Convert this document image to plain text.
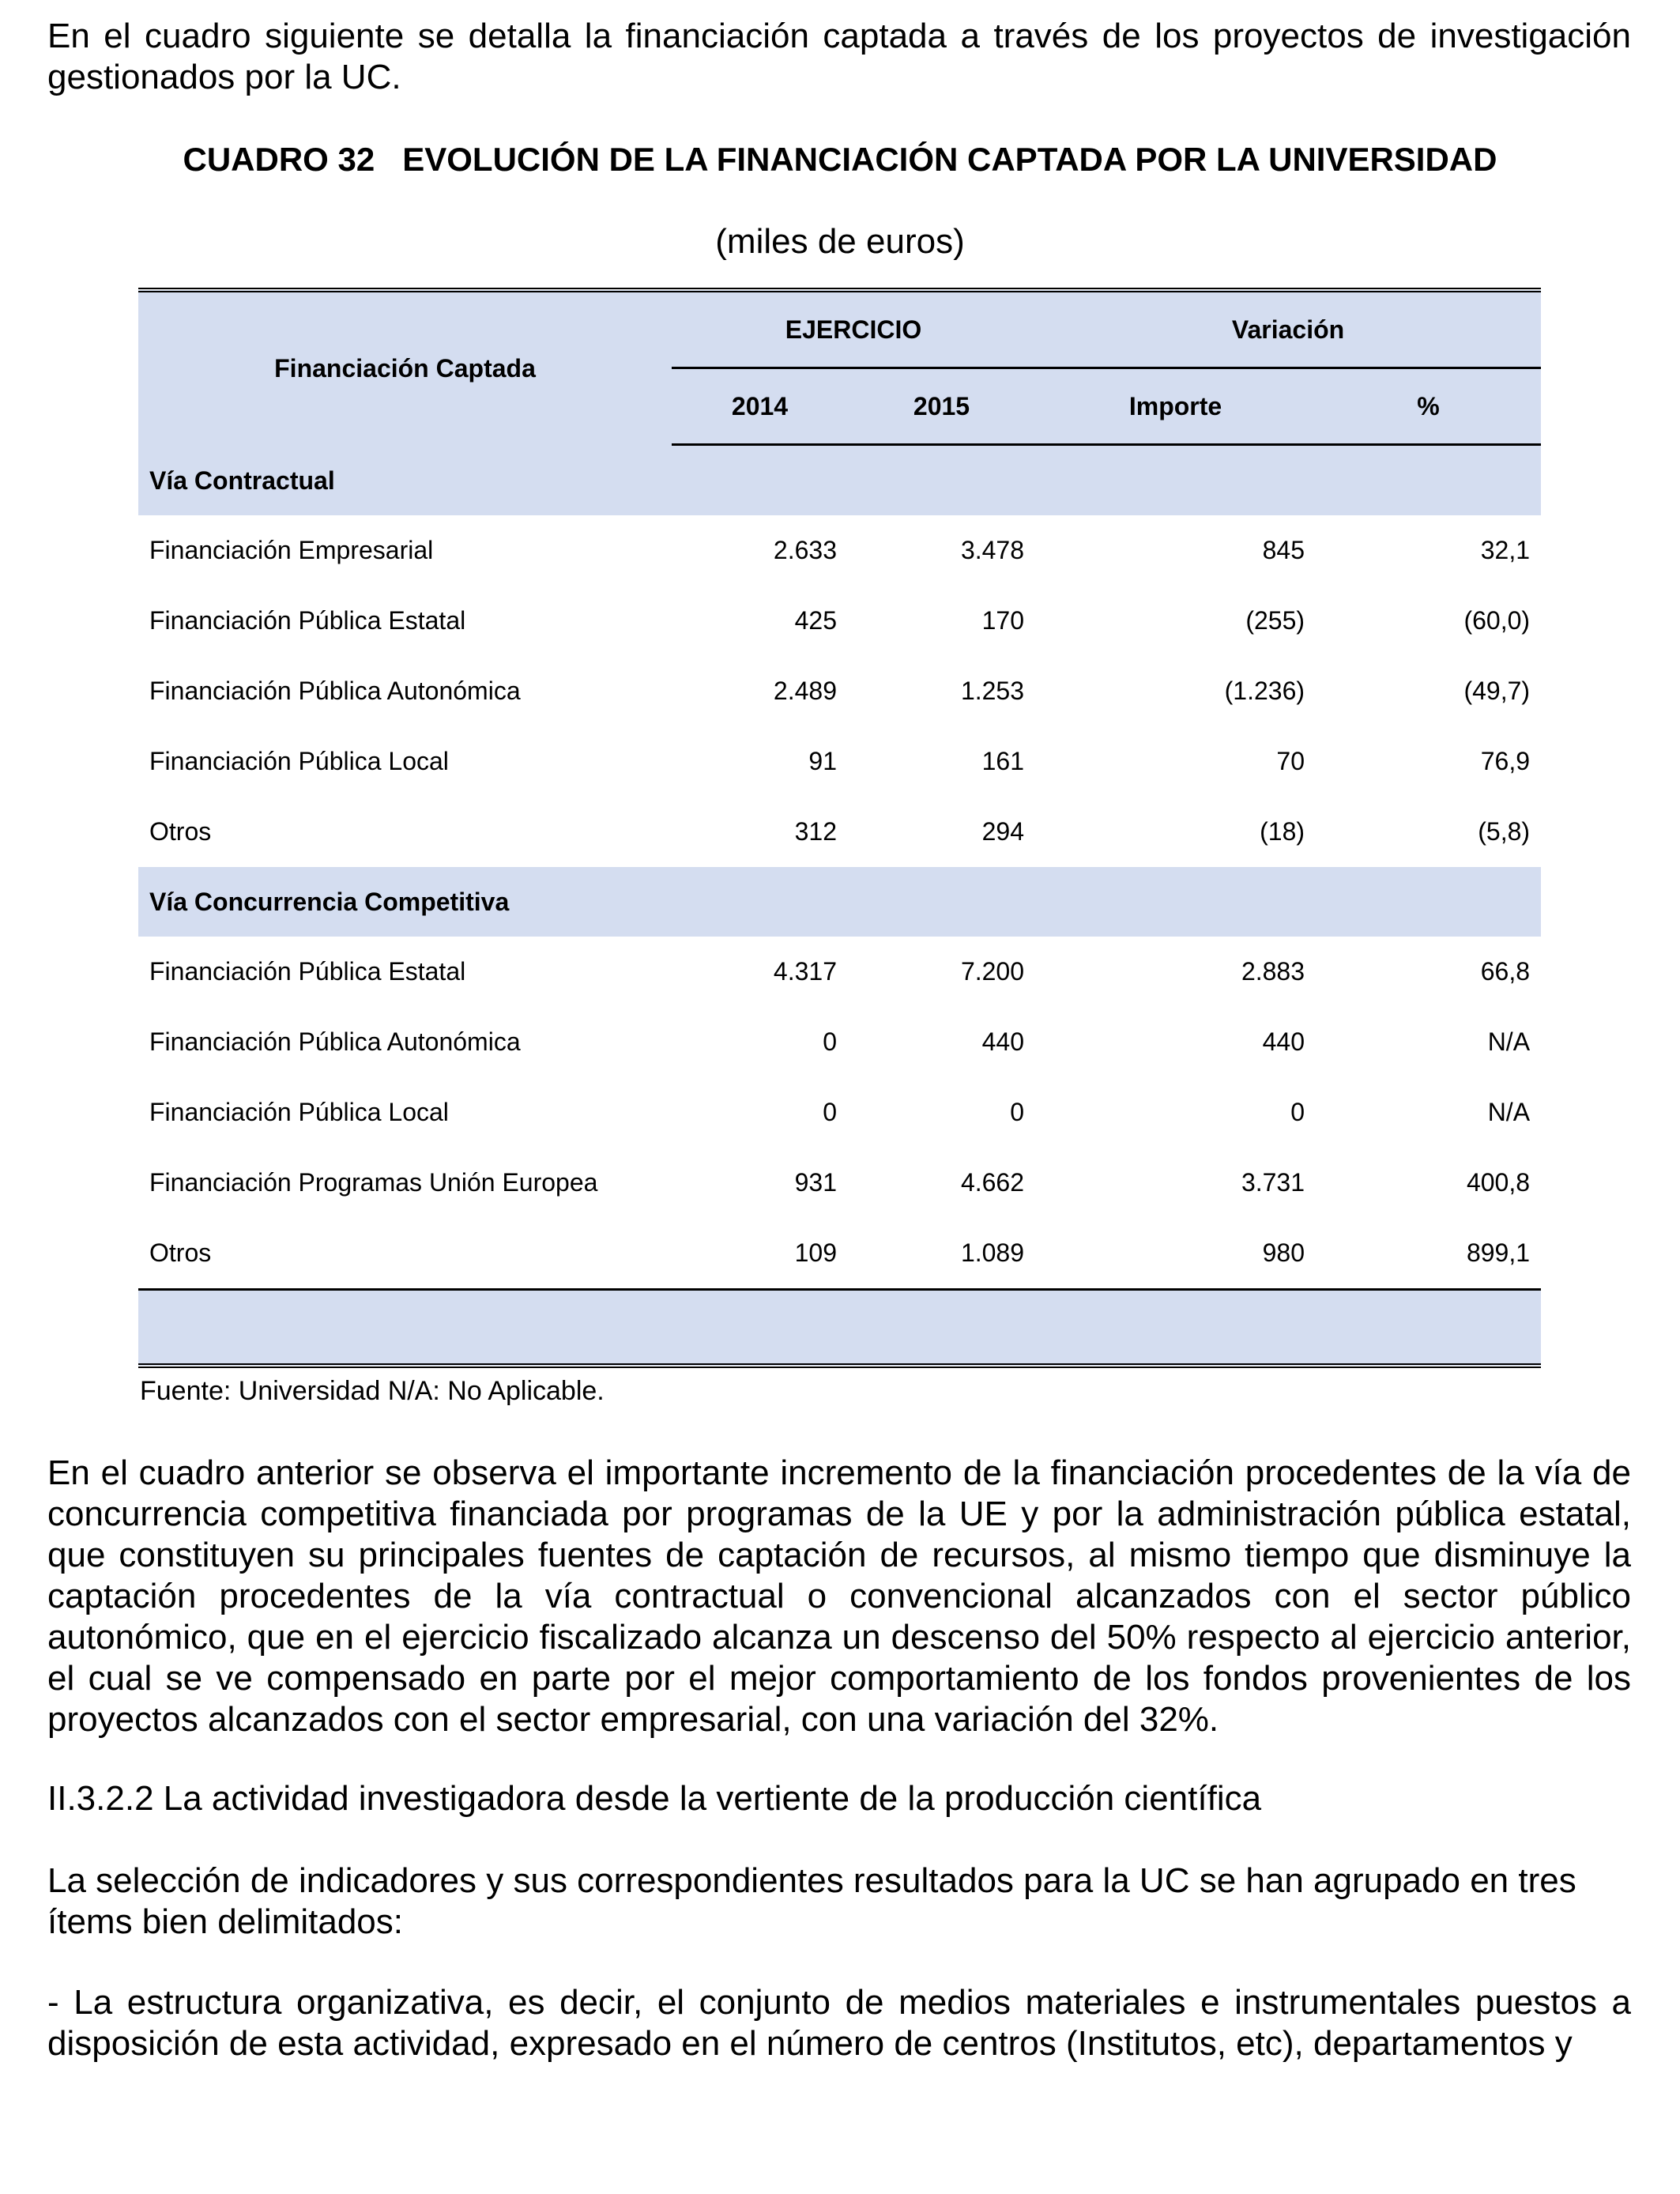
En el cuadro siguiente se detalla la financiación captada a través de los proyectos de investigación gestionados por la UC.

CUADRO 32   EVOLUCIÓN DE LA FINANCIACIÓN CAPTADA POR LA UNIVERSIDAD
(miles de euros)
Financiación Captada	EJERCICIO		Variación	
	2014	2015	Importe	%
Vía Contractual				
Financiación Empresarial	2.633	3.478	845	32,1
Financiación Pública Estatal	425	170	(255)	(60,0)
Financiación Pública Autonómica	2.489	1.253	(1.236)	(49,7)
Financiación Pública Local	91	161	70	76,9
Otros	312	294	(18)	(5,8)
Vía Concurrencia Competitiva				
Financiación Pública Estatal	4.317	7.200	2.883	66,8
Financiación Pública Autonómica	0	440	440	N/A
Financiación Pública Local	0	0	0	N/A
Financiación Programas Unión Europea	931	4.662	3.731	400,8
Otros	109	1.089	980	899,1

Fuente: Universidad N/A: No Aplicable.

En el cuadro anterior se observa el importante incremento de la financiación procedentes de la vía de concurrencia competitiva financiada por programas de la UE y por la administración pública estatal, que constituyen su principales fuentes de captación de recursos, al mismo tiempo que disminuye la captación procedentes de la vía contractual o convencional alcanzados con el sector público autonómico, que en el ejercicio fiscalizado alcanza un descenso del 50% respecto al ejercicio anterior, el cual se ve compensado en parte por el mejor comportamiento de los fondos provenientes de los proyectos alcanzados con el sector empresarial, con una variación del 32%.

II.3.2.2 La actividad investigadora desde la vertiente de la producción científica

La selección de indicadores y sus correspondientes resultados para la UC se han agrupado en tres ítems bien delimitados:

- La estructura organizativa, es decir, el conjunto de medios materiales e instrumentales puestos a disposición de esta actividad, expresado en el número de centros (Institutos, etc), departamentos y
